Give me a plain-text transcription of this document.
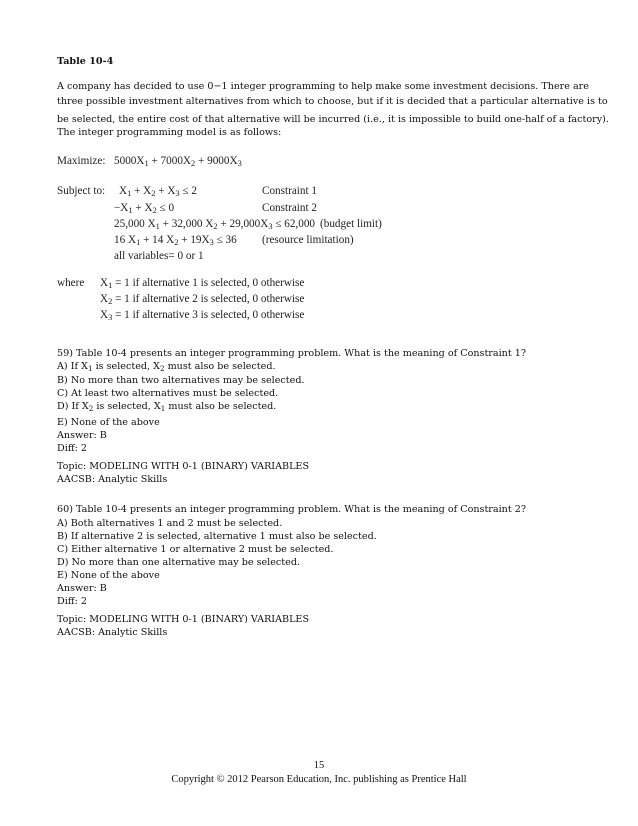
Table 10-4
A company has decided to use 0−1 integer programming to help make some investment decisions. There are
three possible investment alternatives from which to choose, but if it is decided that a particular alternative is to
be selected, the entire cost of that alternative will be incurred (i.e., it is impossible to build one-half of a factory).
The integer programming model is as follows:
Maximize: $5000X_1 + 7000X_2 + 9000X_3$
Subject to: $X_1 + X_2 + X_3 \le 2$	Constraint 1
$-X_1 + X_2 \le 0$	Constraint 2
25,000 $X_1 + 32,000$ $X_2 + 29,000X_3 \le 62,000$ (budget limit)
16 $X_1 + 14$ $X_2 + 19X_3 \le 36$ (resource limitation)
all variables= 0 or 1
where $X_1 = 1$ if alternative 1 is selected, 0 otherwise
$X_2 = 1$ if alternative 2 is selected, 0 otherwise
$X_3 = 1$ if alternative 3 is selected, 0 otherwise
59) Table 10-4 presents an integer programming problem. What is the meaning of Constraint 1?
A) If $X_1$ is selected, $X_2$ must also be selected.
B) No more than two alternatives may be selected.
C) At least two alternatives must be selected.
D) If $X_2$ is selected, $X_1$ must also be selected.
E) None of the above
Answer: B
Diff: 2
Topic: MODELING WITH 0-1 (BINARY) VARIABLES
AACSB: Analytic Skills
60) Table 10-4 presents an integer programming problem. What is the meaning of Constraint 2?
A) Both alternatives 1 and 2 must be selected.
B) If alternative 2 is selected, alternative 1 must also be selected.
C) Either alternative 1 or alternative 2 must be selected.
D) No more than one alternative may be selected.
E) None of the above
Answer: B
Diff: 2
Topic: MODELING WITH 0-1 (BINARY) VARIABLES
AACSB: Analytic Skills
15
Copyright © 2012 Pearson Education, Inc. publishing as Prentice Hall
